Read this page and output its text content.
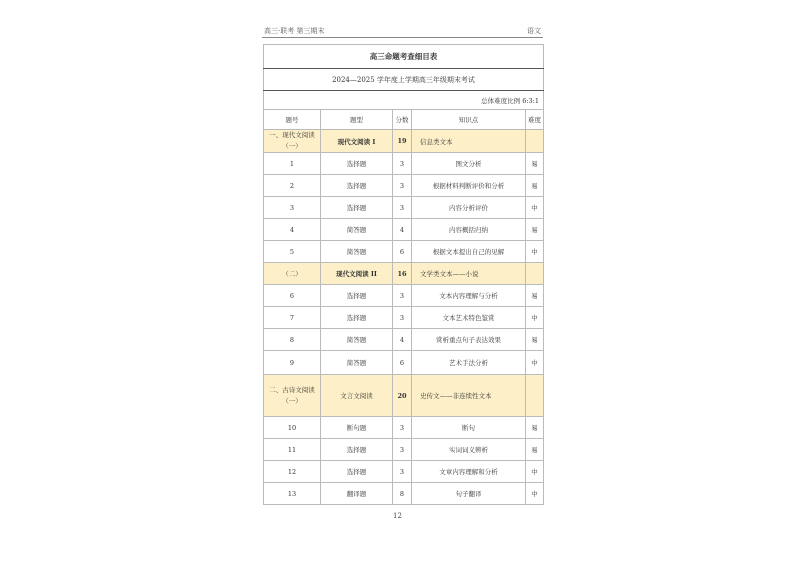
高三·联考 第三期末	语文
高三命题考查细目表				
2024—2025 学年度上学期高三年级期末考试				
总体难度比例 6:3:1				
题号	题型	分数	知识点	难度
一、现代文阅读（一）	现代文阅读 I	19	信息类文本	
1	选择题	3	图文分析	易
2	选择题	3	根据材料判断评价和分析	易
3	选择题	3	内容分析评价	中
4	简答题	4	内容概括归纳	易
5	简答题	6	根据文本提出自己的见解	中
（二）	现代文阅读 II	16	文学类文本——小说	
6	选择题	3	文本内容理解与分析	易
7	选择题	3	文本艺术特色鉴赏	中
8	简答题	4	赏析重点句子表达效果	易
9	简答题	6	艺术手法分析	中
二、古诗文阅读（一）	文言文阅读	20	史传文——非连续性文本	
10	断句题	3	断句	易
11	选择题	3	实词词义辨析	易
12	选择题	3	文章内容理解和分析	中
13	翻译题	8	句子翻译	中
12
